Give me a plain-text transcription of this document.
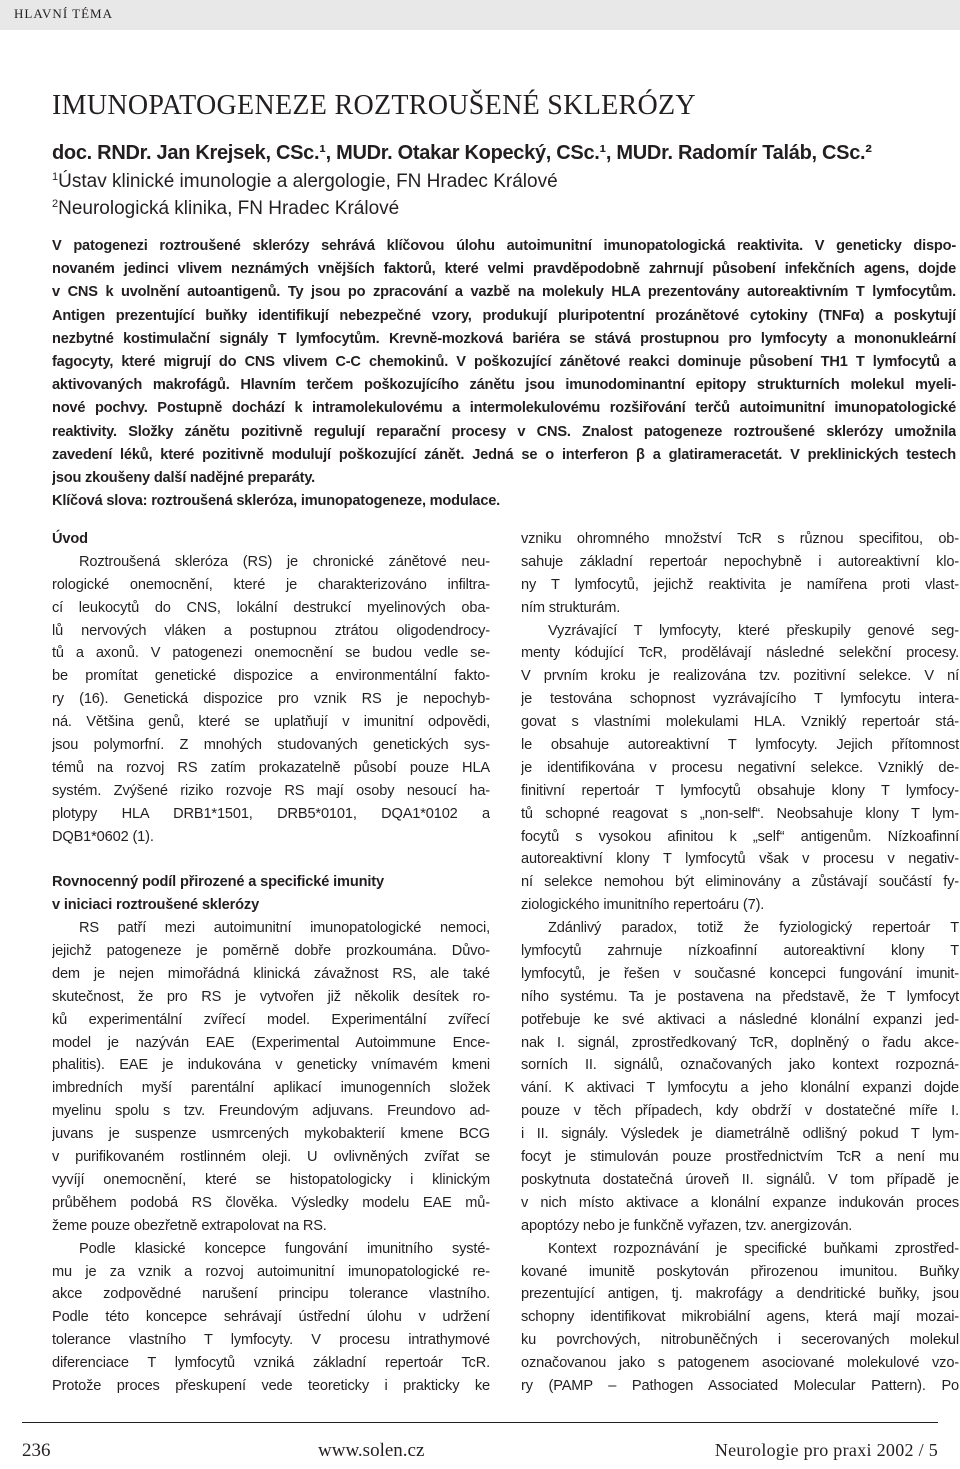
HLAVNÍ TÉMA
IMUNOPATOGENEZE ROZTROUŠENÉ SKLERÓZY
doc. RNDr. Jan Krejsek, CSc.¹, MUDr. Otakar Kopecký, CSc.¹, MUDr. Radomír Taláb, CSc.²
$^1$Ústav klinické imunologie a alergologie, FN Hradec Králové
$^2$Neurologická klinika, FN Hradec Králové
V patogenezi roztroušené sklerózy sehrává klíčovou úlohu autoimunitní imunopatologická reaktivita. V geneticky dispo-
novaném jedinci vlivem neznámých vnějších faktorů, které velmi pravděpodobně zahrnují působení infekčních agens, dojde
v CNS k uvolnění autoantigenů. Ty jsou po zpracování a vazbě na molekuly HLA prezentovány autoreaktivním T lymfocytům.
Antigen prezentující buňky identifikují nebezpečné vzory, produkují pluripotentní prozánětové cytokiny (TNFα) a poskytují
nezbytné kostimulační signály T lymfocytům. Krevně-mozková bariéra se stává prostupnou pro lymfocyty a mononukleární
fagocyty, které migrují do CNS vlivem C-C chemokinů. V poškozující zánětové reakci dominuje působení TH1 T lymfocytů a
aktivovaných makrofágů. Hlavním terčem poškozujícího zánětu jsou imunodominantní epitopy strukturních molekul myeli-
nové pochvy. Postupně dochází k intramolekulovému a intermolekulovému rozšiřování terčů autoimunitní imunopatologické
reaktivity. Složky zánětu pozitivně regulují reparační procesy v CNS. Znalost patogeneze roztroušené sklerózy umožnila
zavedení léků, které pozitivně modulují poškozující zánět. Jedná se o interferon β a glatirameracetát. V preklinických testech
jsou zkoušeny další nadějné preparáty.
Klíčová slova: roztroušená skleróza, imunopatogeneze, modulace.
Úvod
Roztroušená skleróza (RS) je chronické zánětové neu-
rologické onemocnění, které je charakterizováno infiltra-
cí leukocytů do CNS, lokální destrukcí myelinových oba-
lů nervových vláken a postupnou ztrátou oligodendrocy-
tů a axonů. V patogenezi onemocnění se budou vedle se-
be promítat genetické dispozice a environmentální fakto-
ry (16). Genetická dispozice pro vznik RS je nepochyb-
ná. Většina genů, které se uplatňují v imunitní odpovědi,
jsou polymorfní. Z mnohých studovaných genetických sys-
témů na rozvoj RS zatím prokazatelně působí pouze HLA
systém. Zvýšené riziko rozvoje RS mají osoby nesoucí ha-
plotypy HLA DRB1*1501, DRB5*0101, DQA1*0102 a
DQB1*0602 (1).
Rovnocenný podíl přirozené a specifické imunity
v iniciaci roztroušené sklerózy
RS patří mezi autoimunitní imunopatologické nemoci,
jejichž patogeneze je poměrně dobře prozkoumána. Důvo-
dem je nejen mimořádná klinická závažnost RS, ale také
skutečnost, že pro RS je vytvořen již několik desítek ro-
ků experimentální zvířecí model. Experimentální zvířecí
model je nazýván EAE (Experimental Autoimmune Ence-
phalitis). EAE je indukována v geneticky vnímavém kmeni
imbredních myší parentální aplikací imunogenních složek
myelinu spolu s tzv. Freundovým adjuvans. Freundovo ad-
juvans je suspenze usmrcených mykobakterií kmene BCG
v purifikovaném rostlinném oleji. U ovlivněných zvířat se
vyvíjí onemocnění, které se histopatologicky i klinickým
průběhem podobá RS člověka. Výsledky modelu EAE mů-
žeme pouze obezřetně extrapolovat na RS.
Podle klasické koncepce fungování imunitního systé-
mu je za vznik a rozvoj autoimunitní imunopatologické re-
akce zodpovědné narušení principu tolerance vlastního.
Podle této koncepce sehrávají ústřední úlohu v udržení
tolerance vlastního T lymfocyty. V procesu intrathymové
diferenciace T lymfocytů vzniká základní repertoár TcR.
Protože proces přeskupení vede teoreticky i prakticky ke
vzniku ohromného množství TcR s různou specifitou, ob-
sahuje základní repertoár nepochybně i autoreaktivní klo-
ny T lymfocytů, jejichž reaktivita je namířena proti vlast-
ním strukturám.
Vyzrávající T lymfocyty, které přeskupily genové seg-
menty kódující TcR, prodělávají následné selekční procesy.
V prvním kroku je realizována tzv. pozitivní selekce. V ní
je testována schopnost vyzrávajícího T lymfocytu intera-
govat s vlastními molekulami HLA. Vzniklý repertoár stá-
le obsahuje autoreaktivní T lymfocyty. Jejich přítomnost
je identifikována v procesu negativní selekce. Vzniklý de-
finitivní repertoár T lymfocytů obsahuje klony T lymfocy-
tů schopné reagovat s „non-self“. Neobsahuje klony T lym-
focytů s vysokou afinitou k „self“ antigenům. Nízkoafinní
autoreaktivní klony T lymfocytů však v procesu v negativ-
ní selekce nemohou být eliminovány a zůstávají součástí fy-
ziologického imunitního repertoáru (7).
Zdánlivý paradox, totiž že fyziologický repertoár T
lymfocytů zahrnuje nízkoafinní autoreaktivní klony T
lymfocytů, je řešen v současné koncepci fungování imunit-
ního systému. Ta je postavena na představě, že T lymfocyt
potřebuje ke své aktivaci a následné klonální expanzi jed-
nak I. signál, zprostředkovaný TcR, doplněný o řadu akce-
sorních II. signálů, označovaných jako kontext rozpozná-
vání. K aktivaci T lymfocytu a jeho klonální expanzi dojde
pouze v těch případech, kdy obdrží v dostatečné míře I.
i II. signály. Výsledek je diametrálně odlišný pokud T lym-
focyt je stimulován pouze prostřednictvím TcR a není mu
poskytnuta dostatečná úroveň II. signálů. V tom případě je
v nich místo aktivace a klonální expanze indukován proces
apoptózy nebo je funkčně vyřazen, tzv. anergizován.
Kontext rozpoznávání je specifické buňkami zprostřed-
kované imunitě poskytován přirozenou imunitou. Buňky
prezentující antigen, tj. makrofágy a dendritické buňky, jsou
schopny identifikovat mikrobiální agens, která mají mozai-
ku povrchových, nitrobuněčných i secerovaných molekul
označovanou jako s patogenem asociované molekulové vzo-
ry (PAMP – Pathogen Associated Molecular Pattern). Po
236	www.solen.cz	Neurologie pro praxi 2002 / 5
